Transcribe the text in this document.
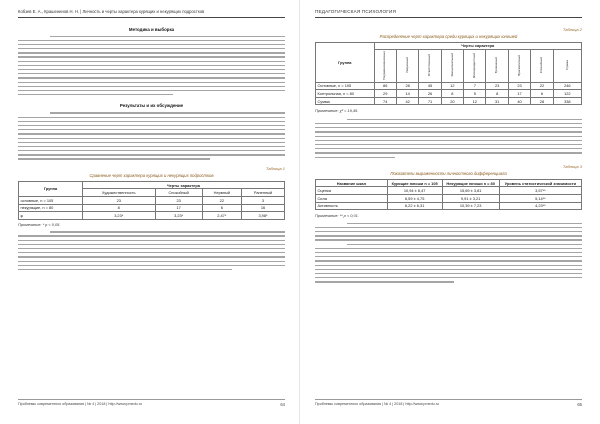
Кобзев Е. А., Крашенинов Н. Н. | Личность и черты характера курящих и некурящих подростков
Методика и выборка
Результаты и их обсуждение
Таблица 1
Сравнение черт характера курящих и некурящих подростков
Группа	Черты характера			
	Художественность	Спокойный	Нервный	Раненный
основные, n = 105	23	23	22	3
некурящие, n = 80	8	17	6	16
φ	3,23*	3,23*	2,47*	3,98*
Примечание: * p < 0,05.
Проблемы современного образования | № 4 | 2018 | http://www.pmedu.ru	64
ПЕДАГОГИЧЕСКАЯ ПСИХОЛОГИЯ
Таблица 2
Распределение черт характера среди курящих и некурящих юношей
Группа	Черты характера								
	Неуравновешенные	Уверенный	Ответственный	Эмоциональный	Жизнерадостный	Тревожный	Прагматичный	Спокойный	Сумма
Основные, n = 105	86	28	45	12	7	23	23	22	246
Контрольная, n = 80	29	14	26	8	5	8	17	6	122
Сумма	74	42	71	20	12	31	40	28	338
Примечание: χ² = 19,45.
Таблица 3
Показатели выраженности личностного дифференциала
Название шкал	Курящие юноши n = 105	Некурящие юноши n = 80	Уровень статистической значимости
Оценка	10,94 ± 6,47	15,69 ± 3,81	3,57**
Сила	6,59 ± 4,75	9,91 ± 3,21	5,14**
Активность	6,22 ± 6,31	10,39 ± 7,23	4,23**
Примечание: ** p < 0,01.
Проблемы современного образования | № 4 | 2018 | http://www.pmedu.ru	65
